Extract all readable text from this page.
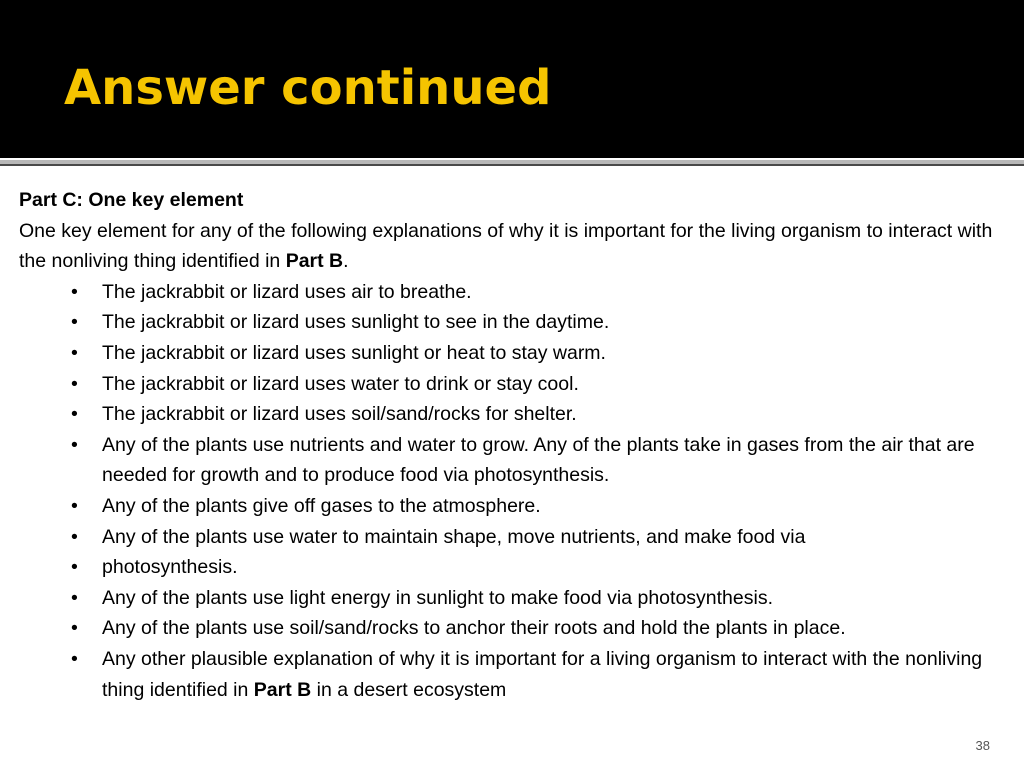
Answer continued

Part C: One key element

One key element for any of the following explanations of why it is important for the living organism to interact with the nonliving thing identified in Part B.

• The jackrabbit or lizard uses air to breathe.
• The jackrabbit or lizard uses sunlight to see in the daytime.
• The jackrabbit or lizard uses sunlight or heat to stay warm.
• The jackrabbit or lizard uses water to drink or stay cool.
• The jackrabbit or lizard uses soil/sand/rocks for shelter.
• Any of the plants use nutrients and water to grow. Any of the plants take in gases from the air that are needed for growth and to produce food via photosynthesis.
• Any of the plants give off gases to the atmosphere.
• Any of the plants use water to maintain shape, move nutrients, and make food via
• photosynthesis.
• Any of the plants use light energy in sunlight to make food via photosynthesis.
• Any of the plants use soil/sand/rocks to anchor their roots and hold the plants in place.
• Any other plausible explanation of why it is important for a living organism to interact with the nonliving thing identified in Part B in a desert ecosystem
38
